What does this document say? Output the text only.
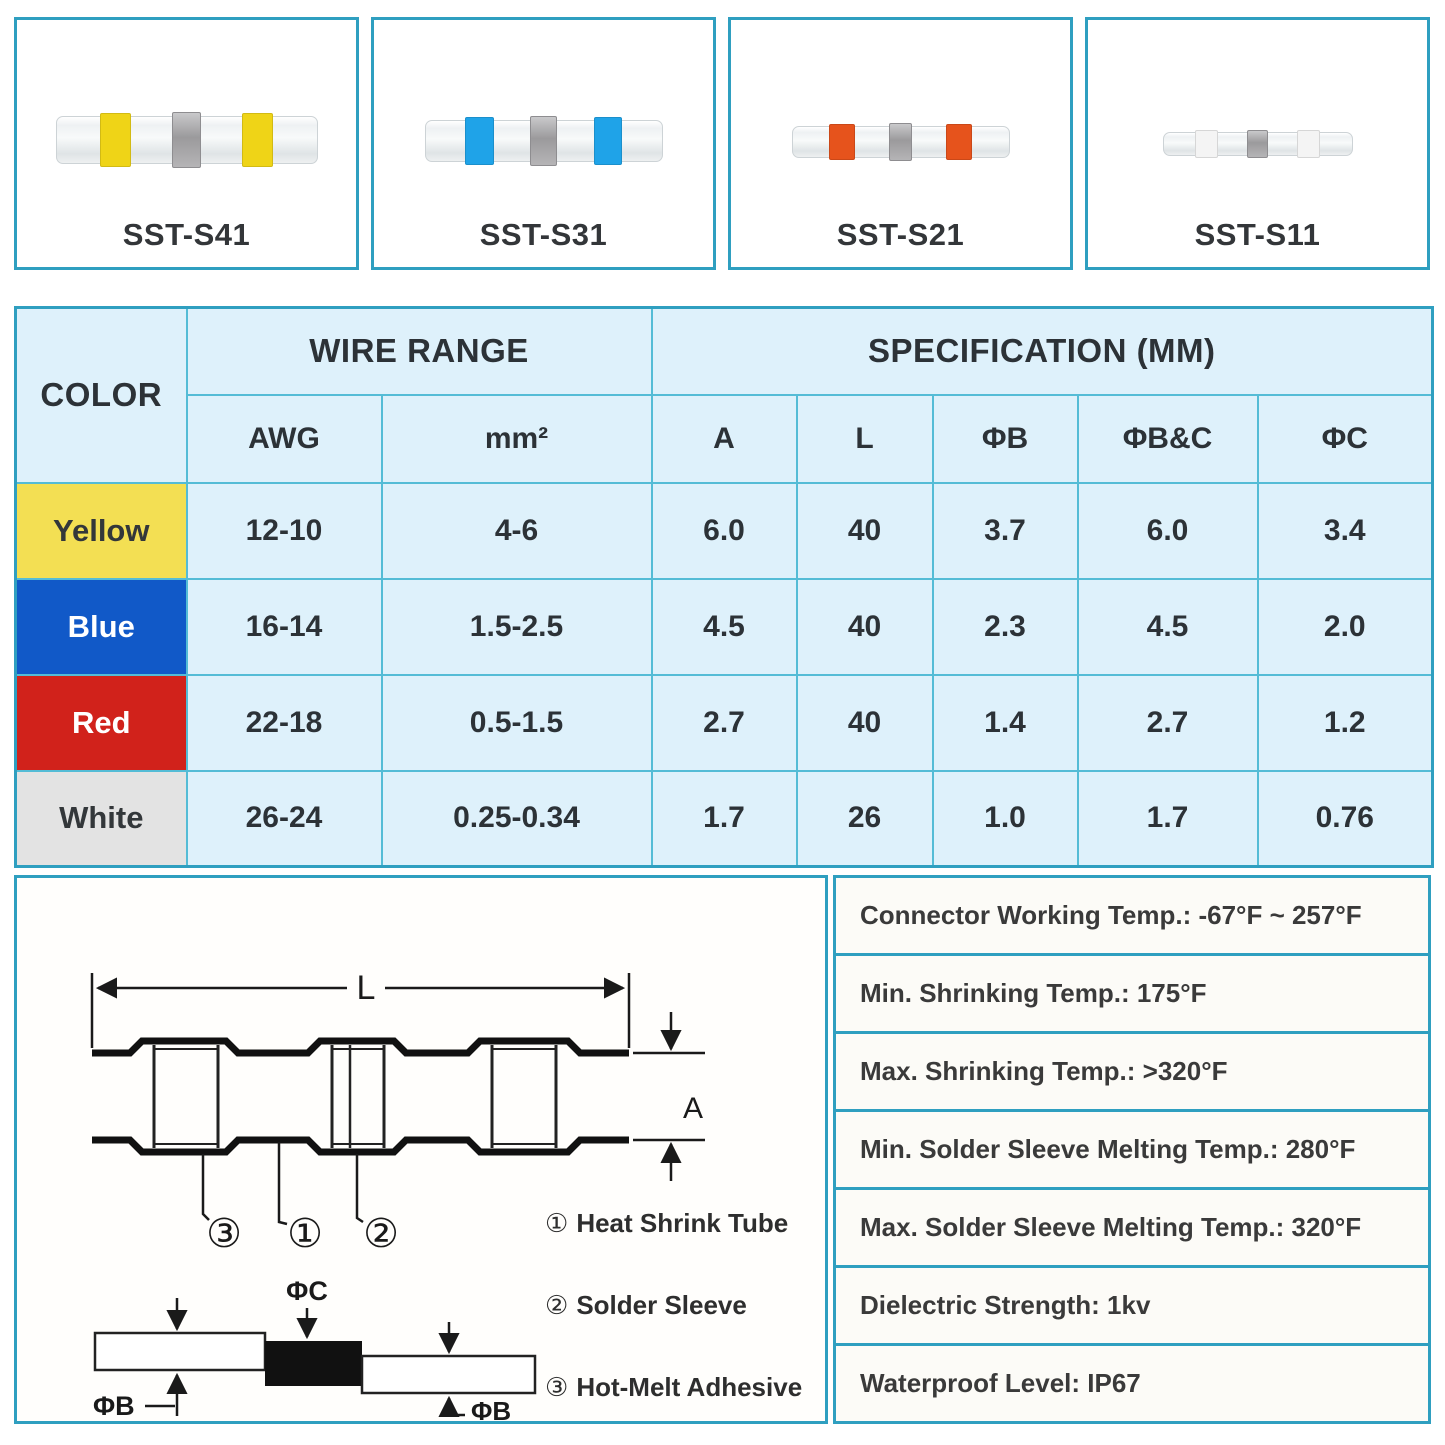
SST-S41	SST-S31	SST-S21	SST-S11
COLOR	WIRE RANGE		SPECIFICATION (MM)				
	AWG	mm²	A	L	ΦB	ΦB&C	ΦC
Yellow	12-10	4-6	6.0	40	3.7	6.0	3.4
Blue	16-14	1.5-2.5	4.5	40	2.3	4.5	2.0
Red	22-18	0.5-1.5	2.7	40	1.4	2.7	1.2
White	26-24	0.25-0.34	1.7	26	1.0	1.7	0.76
L
A
③ ① ②
ΦC
ΦB	ΦB
① Heat Shrink Tube
② Solder Sleeve
③ Hot-Melt Adhesive
Connector Working Temp.: -67°F ~ 257°F
Min. Shrinking Temp.: 175°F
Max. Shrinking Temp.: >320°F
Min. Solder Sleeve Melting Temp.: 280°F
Max. Solder Sleeve Melting Temp.: 320°F
Dielectric Strength: 1kv
Waterproof Level: IP67
